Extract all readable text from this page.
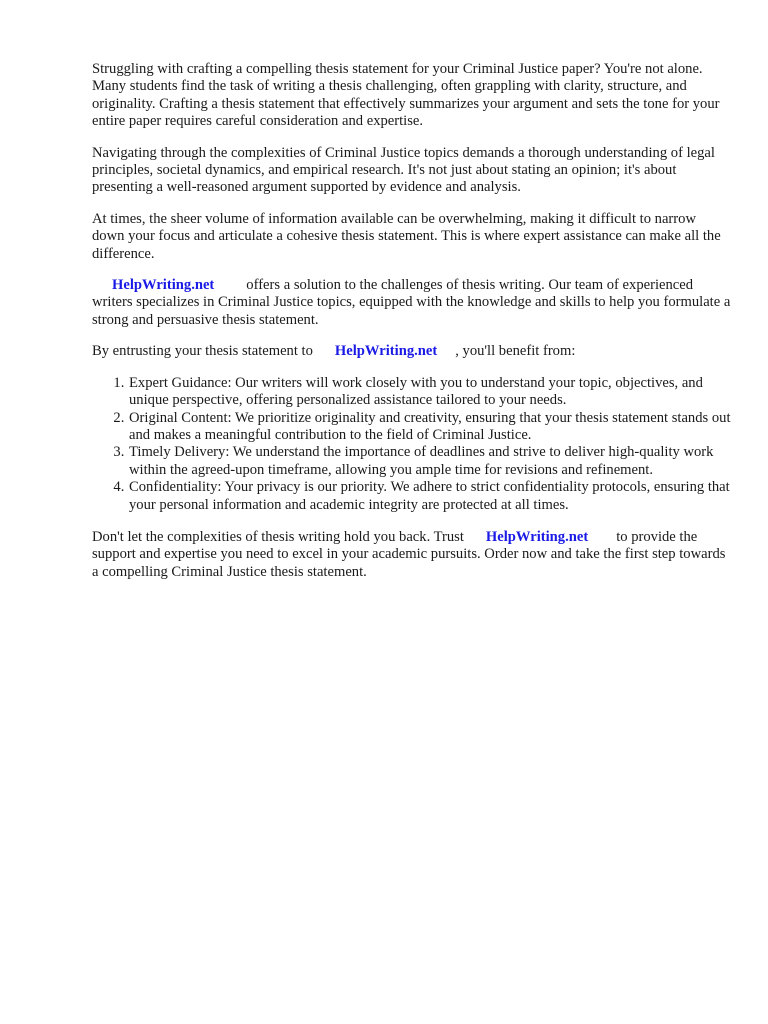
Struggling with crafting a compelling thesis statement for your Criminal Justice paper? You're not alone. Many students find the task of writing a thesis challenging, often grappling with clarity, structure, and originality. Crafting a thesis statement that effectively summarizes your argument and sets the tone for your entire paper requires careful consideration and expertise.

Navigating through the complexities of Criminal Justice topics demands a thorough understanding of legal principles, societal dynamics, and empirical research. It's not just about stating an opinion; it's about presenting a well-reasoned argument supported by evidence and analysis.

At times, the sheer volume of information available can be overwhelming, making it difficult to narrow down your focus and articulate a cohesive thesis statement. This is where expert assistance can make all the difference.

HelpWriting.net offers a solution to the challenges of thesis writing. Our team of experienced writers specializes in Criminal Justice topics, equipped with the knowledge and skills to help you formulate a strong and persuasive thesis statement.

By entrusting your thesis statement to HelpWriting.net , you'll benefit from:

1. Expert Guidance: Our writers will work closely with you to understand your topic, objectives, and unique perspective, offering personalized assistance tailored to your needs.
2. Original Content: We prioritize originality and creativity, ensuring that your thesis statement stands out and makes a meaningful contribution to the field of Criminal Justice.
3. Timely Delivery: We understand the importance of deadlines and strive to deliver high-quality work within the agreed-upon timeframe, allowing you ample time for revisions and refinement.
4. Confidentiality: Your privacy is our priority. We adhere to strict confidentiality protocols, ensuring that your personal information and academic integrity are protected at all times.

Don't let the complexities of thesis writing hold you back. Trust HelpWriting.net to provide the support and expertise you need to excel in your academic pursuits. Order now and take the first step towards a compelling Criminal Justice thesis statement.
